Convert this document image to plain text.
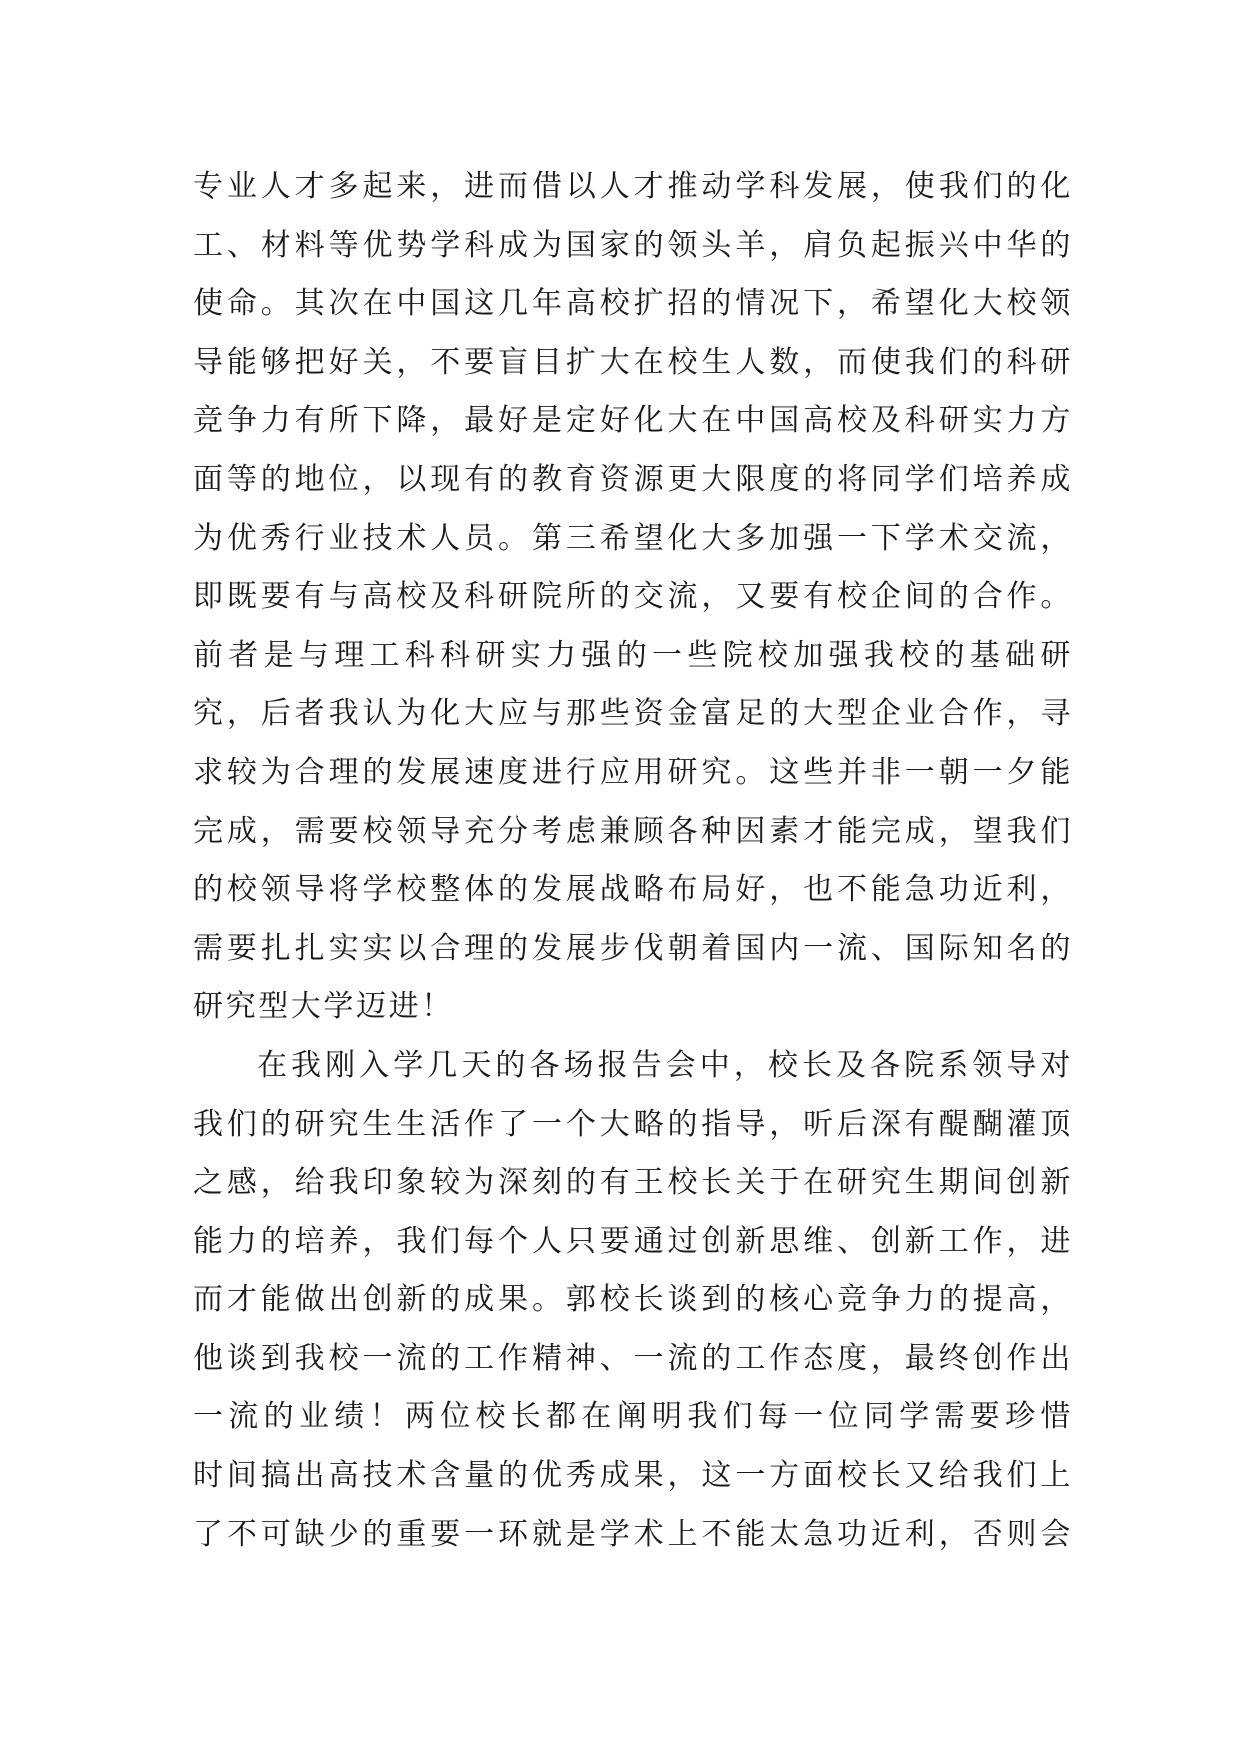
专业人才多起来，进而借以人才推动学科发展，使我们的化
工、材料等优势学科成为国家的领头羊，肩负起振兴中华的
使命。其次在中国这几年高校扩招的情况下，希望化大校领
导能够把好关，不要盲目扩大在校生人数，而使我们的科研
竞争力有所下降，最好是定好化大在中国高校及科研实力方
面等的地位，以现有的教育资源更大限度的将同学们培养成
为优秀行业技术人员。第三希望化大多加强一下学术交流，
即既要有与高校及科研院所的交流，又要有校企间的合作。
前者是与理工科科研实力强的一些院校加强我校的基础研
究，后者我认为化大应与那些资金富足的大型企业合作，寻
求较为合理的发展速度进行应用研究。这些并非一朝一夕能
完成，需要校领导充分考虑兼顾各种因素才能完成，望我们
的校领导将学校整体的发展战略布局好，也不能急功近利，
需要扎扎实实以合理的发展步伐朝着国内一流、国际知名的
研究型大学迈进！
在我刚入学几天的各场报告会中，校长及各院系领导对
我们的研究生生活作了一个大略的指导，听后深有醍醐灌顶
之感，给我印象较为深刻的有王校长关于在研究生期间创新
能力的培养，我们每个人只要通过创新思维、创新工作，进
而才能做出创新的成果。郭校长谈到的核心竞争力的提高，
他谈到我校一流的工作精神、一流的工作态度，最终创作出
一流的业绩！两位校长都在阐明我们每一位同学需要珍惜
时间搞出高技术含量的优秀成果，这一方面校长又给我们上
了不可缺少的重要一环就是学术上不能太急功近利，否则会
